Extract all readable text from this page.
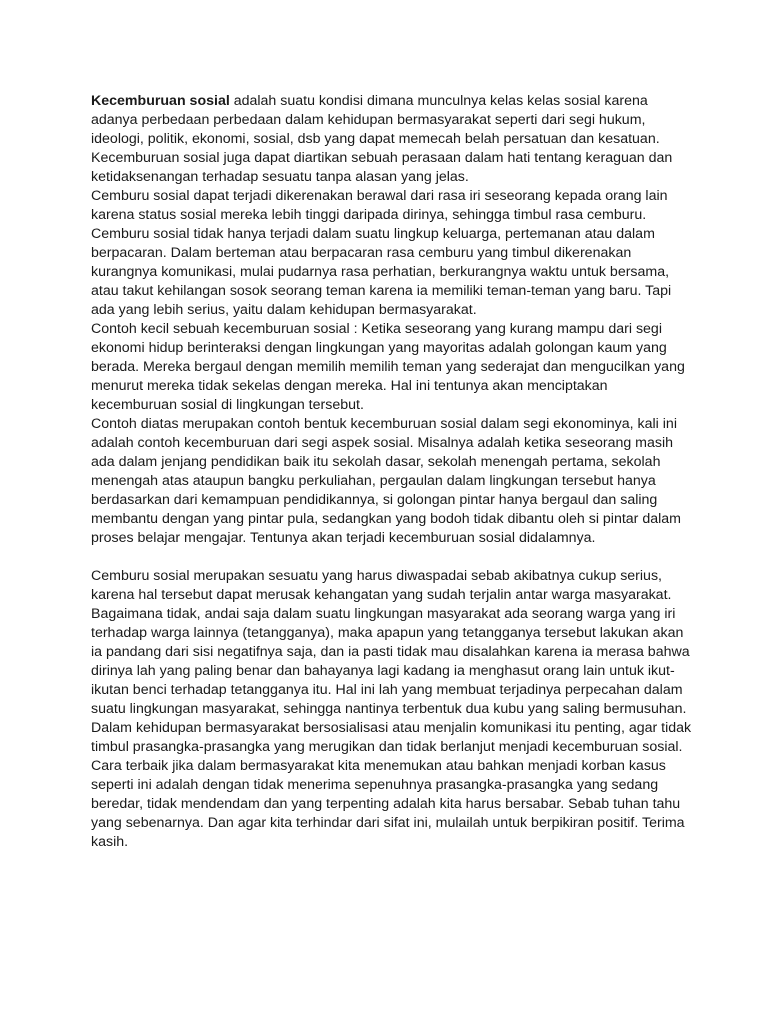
Kecemburuan sosial adalah suatu kondisi dimana munculnya kelas kelas sosial karena
adanya perbedaan perbedaan dalam kehidupan bermasyarakat seperti dari segi hukum,
ideologi, politik, ekonomi, sosial, dsb yang dapat memecah belah persatuan dan kesatuan.
Kecemburuan sosial juga dapat diartikan sebuah perasaan dalam hati tentang keraguan dan
ketidaksenangan terhadap sesuatu tanpa alasan yang jelas.
Cemburu sosial dapat terjadi dikerenakan berawal dari rasa iri seseorang kepada orang lain
karena status sosial mereka lebih tinggi daripada dirinya, sehingga timbul rasa cemburu.
Cemburu sosial tidak hanya terjadi dalam suatu lingkup keluarga, pertemanan atau dalam
berpacaran. Dalam berteman atau berpacaran rasa cemburu yang timbul dikerenakan
kurangnya komunikasi, mulai pudarnya rasa perhatian, berkurangnya waktu untuk bersama,
atau takut kehilangan sosok seorang teman karena ia memiliki teman-teman yang baru. Tapi
ada yang lebih serius, yaitu dalam kehidupan bermasyarakat.
Contoh kecil sebuah kecemburuan sosial : Ketika seseorang yang kurang mampu dari segi
ekonomi hidup berinteraksi dengan lingkungan yang mayoritas adalah golongan kaum yang
berada. Mereka bergaul dengan memilih memilih teman yang sederajat dan mengucilkan yang
menurut mereka tidak sekelas dengan mereka. Hal ini tentunya akan menciptakan
kecemburuan sosial di lingkungan tersebut.
Contoh diatas merupakan contoh bentuk kecemburuan sosial dalam segi ekonominya, kali ini
adalah contoh kecemburuan dari segi aspek sosial. Misalnya adalah ketika seseorang masih
ada dalam jenjang pendidikan baik itu sekolah dasar, sekolah menengah pertama, sekolah
menengah atas ataupun bangku perkuliahan, pergaulan dalam lingkungan tersebut hanya
berdasarkan dari kemampuan pendidikannya, si golongan pintar hanya bergaul dan saling
membantu dengan yang pintar pula, sedangkan yang bodoh tidak dibantu oleh si pintar dalam
proses belajar mengajar. Tentunya akan terjadi kecemburuan sosial didalamnya.
Cemburu sosial merupakan sesuatu yang harus diwaspadai sebab akibatnya cukup serius,
karena hal tersebut dapat merusak kehangatan yang sudah terjalin antar warga masyarakat.
Bagaimana tidak, andai saja dalam suatu lingkungan masyarakat ada seorang warga yang iri
terhadap warga lainnya (tetangganya), maka apapun yang tetangganya tersebut lakukan akan
ia pandang dari sisi negatifnya saja, dan ia pasti tidak mau disalahkan karena ia merasa bahwa
dirinya lah yang paling benar dan bahayanya lagi kadang ia menghasut orang lain untuk ikut-
ikutan benci terhadap tetangganya itu. Hal ini lah yang membuat terjadinya perpecahan dalam
suatu lingkungan masyarakat, sehingga nantinya terbentuk dua kubu yang saling bermusuhan.
Dalam kehidupan bermasyarakat bersosialisasi atau menjalin komunikasi itu penting, agar tidak
timbul prasangka-prasangka yang merugikan dan tidak berlanjut menjadi kecemburuan sosial.
Cara terbaik jika dalam bermasyarakat kita menemukan atau bahkan menjadi korban kasus
seperti ini adalah dengan tidak menerima sepenuhnya prasangka-prasangka yang sedang
beredar, tidak mendendam dan yang terpenting adalah kita harus bersabar. Sebab tuhan tahu
yang sebenarnya. Dan agar kita terhindar dari sifat ini, mulailah untuk berpikiran positif. Terima
kasih.
